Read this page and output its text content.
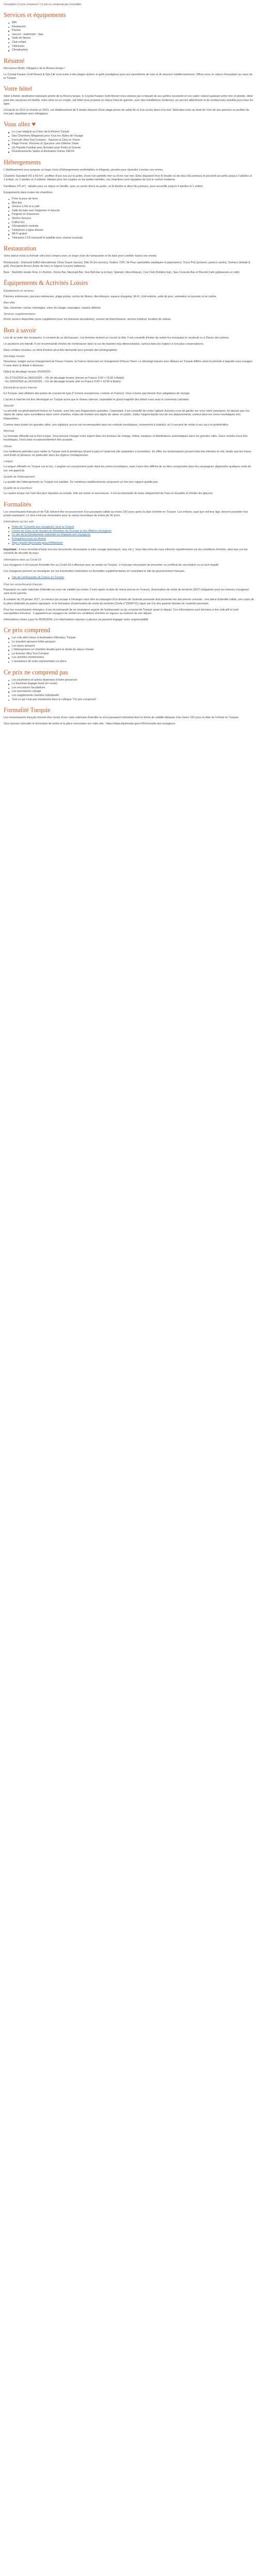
Description Ce prix comprend / Ce prix ne comprend pas Formalités

Services et équipements
Wifi
Restaurant
Piscine
Jacuzzi - Hammam - Spa
Salle de fitness
Club enfant
Télévision
Climatisation
Résumé

Découvrez Rotiki, l'élégance de la Riviera turque !

Le Crystal Paraiso Gold Resort & Spa 5★ vous invite à des plages dorées et golfs prestigieux pour une parenthèse de luxe et de douceur méditerranéenne. Offrez-vous un séjour d'exception au cœur de la Turquie.

Votre hôtel

Situé à Belek, destination balnéaire prisée de la Riviera turque, le Crystal Paraiso Gold Resort vous séduira par la beauté de ses jardins luxuriants et son cadre naturel apaisant entre mer et pinède. Idéal pour des vacances en famille, entre amis ou en couple, cet hôtel vous propose un séjour haut de gamme, avec des installations modernes, un service attentionné et de nombreuses activités pour tous les âges.

Construit en 2013 et rénové en 2021, cet établissement de 5 étoiles dispose d'une plage privée de sable fin et d'un accès direct à la mer. Détendez-vous au bord de l'une de ses piscines ou profitez de son parc aquatique avec toboggans.

Vous allez ♥
Le Luxe intégral au Cœur de la Riviera Turque
Des Chambres Élégantes pour Tous les Styles de Voyage
Formule Ultra Tout Compris - Saveurs & Cinq en Vision
Plage Privée, Piscines et Spa pour une Détente Totale
Un Paradis Familial avec Activités pour Petits et Grands
Divertissements Variés et Animation Soirée 24h/24
Hébergements

L'établissement vous propose un large choix d'hébergements confortables et élégants, pensés pour répondre à toutes vos envies.

Chambre Standard (42 à 50 m²) : profitez d'une vue sur le jardin, d'une vue partielle mer ou d'une vue mer. Elles disposent d'un lit double ou de deux lits jumeaux et peuvent accueillir jusqu'à 3 adultes et 1 enfant, ou 2 adultes et 2 enfants. Idéales pour les couples ou les petites familles, ces chambres sont équipées de tout le confort moderne.

Familiales (70 m²) : idéales pour un séjour en famille, avec un accès direct au jardin, un lit double et deux lits jumeaux, pour accueillir jusqu'à 4 adultes et 1 enfant.

Équipements dans toutes les chambres :

Prise la pour de terre
Mini-bar
Service à thé et à café
Salle de bain avec baignoire et douche
Peignoir et chaussons
Sèche-cheveux
Coffre-fort
Climatisation centrale
Téléphone à ligne directe
Wi-Fi gratuit
Télévision LCD interactif et satellite avec chaîne musicale
Restauration

Votre séjour inclut la formule ultra tout compris avec un large choix de restaurants et de bars pour combler toutes vos envies.

Restaurants : Diamond buffet international, Dona Snack Jacuzzi, Dila 24 (en service), Rubino 7/24, Sir Pesc spécialités asiatiques et japonaises), Turco Pub (poisson, paninis variés), Sumaco (kebab & grill), Pescatore Amoor (fruits de mer) et Sapore (cuisine italienne).

Bars : Starbrillo Hoatie Row, Lo Bortino, Dome Bar, Mermaid Bar, Sea Bird bar (a-la-bar), Splendo (discothèque), Cez Club (théâtre) bar), Spa Cressola Bar et Biscotti Café (pâtisseries et café).

Équipements & Activités Loisirs
Équipements et services

Piscines extérieures, piscines intérieures, plage privée, centre de fitness, discothèque, espace shopping, Wi-Fi, club enfants, salle de jeux, animation en journée et en soirée.

Bien-être

Spa, hammam, sauna, massages, soins du visage, massages, espace détente.

Services supplémentaires

Room service disponible (avec supplément pour les boissons alcoolisées), service de blanchisserie, service médical, location de voiture.

Bon à savoir

Lors de la visite des mosquées, il convient de se déchausser. Les femmes doivent se couvrir la tête. Il est conseillé d'éviter de visiter les mosquées le vendredi ou à l'heure des prières.

Le pourboire est interdit. Il est recommandé d'éviter de s'embrasser dans la rue de manière trop démonstrative, surtout dans les régions à l'est plus conservatrices.

Dans certains musées, un droit d'entrée peut être demandé pour prendre des photographies.

Décalage horaire

Nouveaux, malgré aucun changement de l'heure horaire, la France observant un changement d'heure l'hiver. Le décalage horaire avec Ankara en Turquie diffère selon la période à laquelle vous voyagez. Il varie dans le détail ci-dessous :

Début du décalage horaire 2024/2025 :

- Du 27/10/2024 au 30/03/2025 : +2h de décalage horaire (Heure en France 9:00 = 11:00 à Belek)
- Du 30/03/2025 au 26/10/2025 : +1h de décalage horaire (été en France 9:00 = 10:00 à Belek)

Électricité et accès Internet

En Turquie, tant utilisées des prises de courant de type F (norme européenne, comme en France). Vous n'aurez pas besoin d'un adaptateur de voyage.

L'accès à Internet est très développé en Turquie aussi que le réseau internet, cependant le grand majorité des hôtels vous avez le connexion cellulaire.

Sécurité

La sécurité est généralement bonne en Turquie, avec très peu d'agressions gratuites. Cependant, il est conseillé de rester vigilant. Assurez-vous de garder sur vous votre passeport, ne laissez pas vos objets de valeur sans surveillance dans votre chambre, évitez de montrer vos objets de valeur en public, évitez l'argent liquide lors de vos déplacements, surtout dans les zones touristiques très fréquentées.

Comme dans toutes les grandes villes, une vigilance accrue est recommandée dans les endroits touristiques, notamment à Istanbul, où il convient de veiller à ses sacs et portefeuilles.

Monnaie

La monnaie officielle est la livre turque. Vous pouvez changer votre argent dans les bureaux de change, hôtels, banques et distributeurs automatiques dans les grandes villes. Dans certains lieux très touristiques, l'euro peut occasionnellement être accepté.

Climat

Les meilleures périodes pour visiter la Turquie sont le printemps (d'avril à juin) et l'automne (de septembre à novembre). En effet, les températures peuvent être très élevées en été, tandis que les hivers sont froids et pluvieux, en particulier dans les régions montagneuses.

Langue

La langue officielle en Turquie est le turc. L'anglais est couramment parlé dans les zones touristiques, mais il peut être difficile de se faire comprendre dans les campagnes. Apprendre quelques mots de turc est apprécié.

Qualité de l'hébergement

La qualité des hébergements en Turquie est variable. De nombreux établissements proposent un très bon rapport qualité-prix.

Qualité de la nourriture

La cuisine turque est l'une des plus réputées au monde. Elle est variée et savoureuse. Il est recommandé de boire uniquement de l'eau en bouteille et d'éviter les glaçons.

Formalités

Les ressortissants français et de l'UE doivent être en possession d'un passeport valide au moins 150 jours après la date d'entrée en Turquie. Les enfants, quel que soit leur âge, doivent posséder leur propre passeport. Le visa n'est pas nécessaire pour un séjour touristique de moins de 90 jours.

Informations sur les vols
Fiche de "Conseils aux voyageurs" pour la Turquie
Centre de Crise et de Soutien du Ministère de l'Europe et des Affaires étrangères
Le site de la Gendarmerie nationale sur Rappels aux voyageurs
Enregistrez-vous sur Ariane
https://pastel.diplomatie.gouv.fr/fildariane/

Important : il vous incombe d'avoir tous les documents nécessaires à votre voyage (passeport, visa, etc.). Vous êtes tenu de vous informer régulièrement sur les conditions d'entrée, ainsi que sur les conseils de sécurité du pays.

Informations liées au Covid-19

Les voyageurs n'ont aucune formalité liée au Covid-19 à effectuer pour se rendre en Turquie. Il n'est pas nécessaire de présenter un certificat de vaccination ou un test négatif.

Les voyageurs peuvent se renseigner sur les éventuelles restrictions ou formalités supplémentaires en consultant le site du gouvernement français.

Site de l'ambassade de France en Turquie
Pour les ressortissants français

Passeport ou carte nationale d'identité en cours de validité (au moins 3 mois après la date de retour prévue en France). Autorisation de sortie de territoire (AST) obligatoire pour les mineurs voyageant sans leurs parents.

À compter du 15 janvier 2017, un mineur qui voyage à l'étranger sans être accompagné d'un titulaire de l'autorité parentale doit présenter les documents suivants : une pièce d'identité valide, une copie de la pièce d'identité du parent signataire, et le formulaire d'autorisation de sortie du territoire (Cerfa n°15646*01) signé par l'un des parents titulaire de l'autorité parentale.

Pour les ressortissants étrangers, il est recommandé de se renseigner auprès de l'ambassade ou du consulat de Turquie avant le départ. Ces informations sont données à titre indicatif et sont susceptibles d'évoluer ; il appartient au voyageur de vérifier les conditions d'entrée en vigueur au moment de son départ.

Informations mises à jour le 06/06/2024. Les informations reprises ci-dessus ne peuvent engager notre responsabilité.

Ce prix comprend
Les vols aller-retour à destination d'Antalya, Turquie
Le transfert aéroport-hôtel-aéroport
Les taxes aéroport
L'hébergement en chambre double pour la durée du séjour choisie
La formule Ultra Tout Compris
Les activités mentionnées
L'assistance de notre représentant sur place
Ce prix ne comprend pas
Les pourboires et autres dépenses d'ordre personnel
La franchise bagage lourd (en soute)
Les excursions facultatives
Les assurances voyage
Les suppléments chambre individuelle
Tout ce qui n'est pas mentionné dans la rubrique "Ce prix comprend"
Formalité Turquie

Les ressortissants français doivent être munis d'une carte nationale d'identité ou d'un passeport individuel dont la durée de validité dépasse d'au moins 150 jours la date de l'entrée en Turquie.

Vous pouvez consulter le formulaire de sortie et la pièce nécessaire sur notre site : https://www.diplomatie.gouv.fr/fr/conseils-aux-voyageurs
